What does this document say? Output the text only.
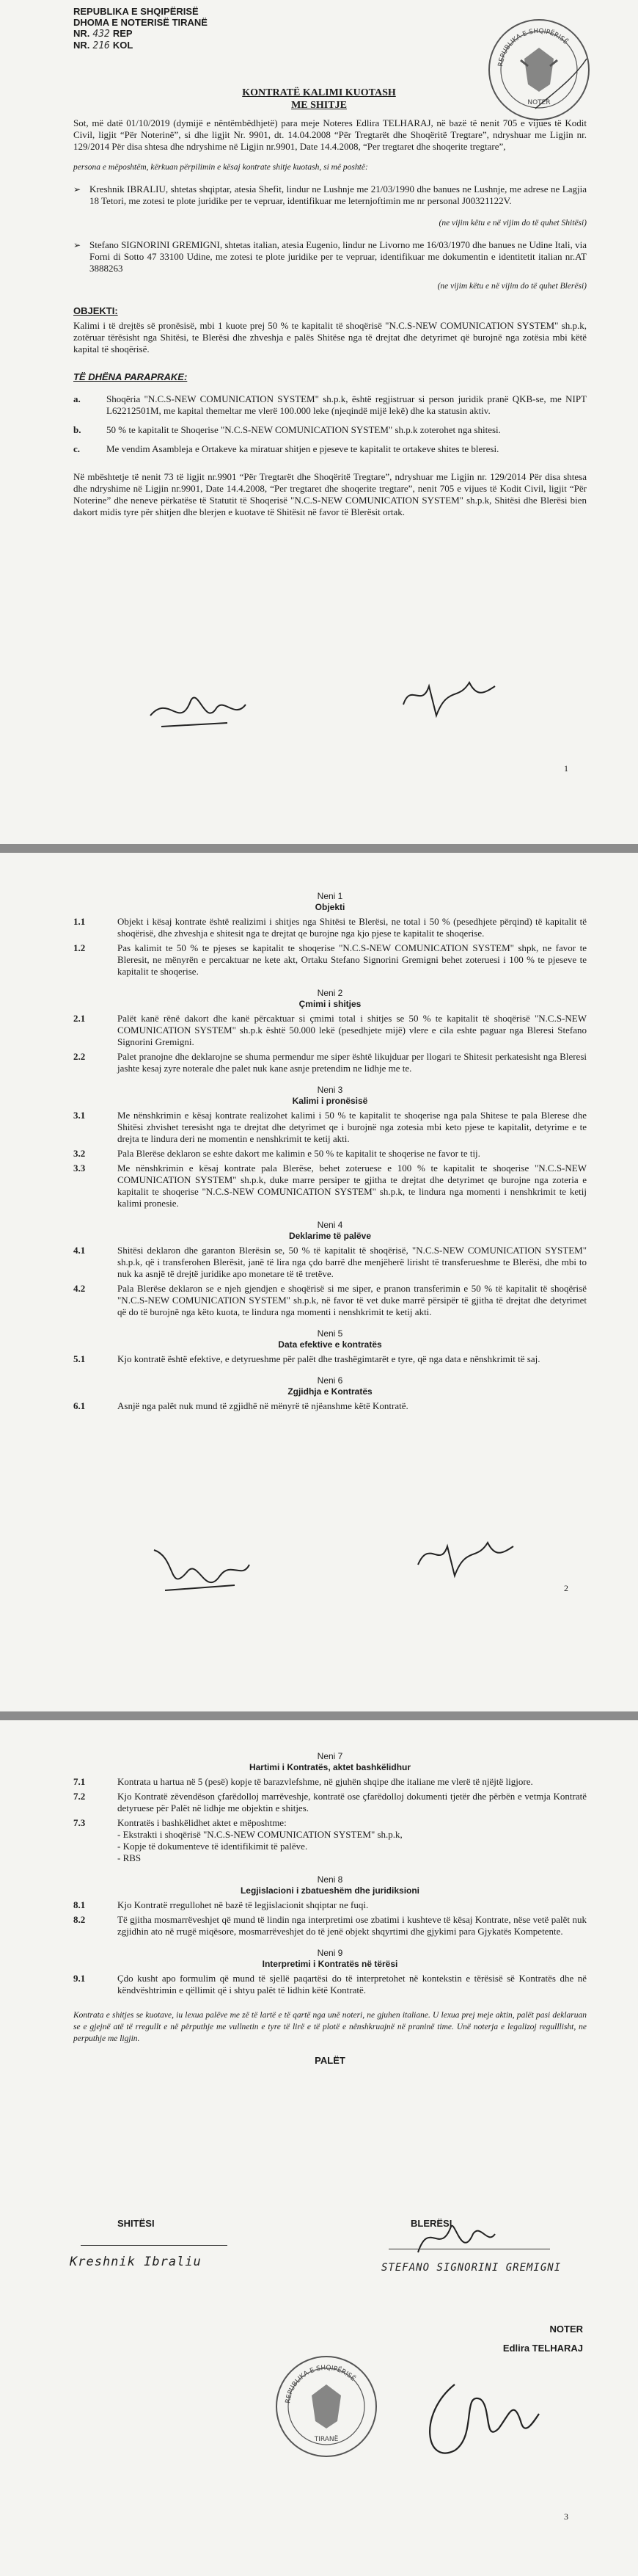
REPUBLIKA E SHQIPËRISË
DHOMA E NOTERISË TIRANË
NR. 432 REP
NR. 216 KOL
REPUBLIKA E SHQIPËRISË
NOTER
KONTRATË KALIMI KUOTASH
ME SHITJE

Sot, më datë 01/10/2019 (dymijë e nëntëmbëdhjetë) para meje Noteres Edlira TELHARAJ, në bazë të nenit 705 e vijues të Kodit Civil, ligjit “Për Noterinë”, si dhe ligjit Nr. 9901, dt. 14.04.2008 “Për Tregtarët dhe Shoqëritë Tregtare”, ndryshuar me Ligjin nr. 129/2014 Për disa shtesa dhe ndryshime në Ligjin nr.9901, Date 14.4.2008, “Per tregtaret dhe shoqerite tregtare”,

persona e mëposhtëm, kërkuan përpilimin e kësaj kontrate shitje kuotash, si më poshtë:

➢ Kreshnik IBRALIU, shtetas shqiptar, atesia Shefit, lindur ne Lushnje me 21/03/1990 dhe banues ne Lushnje, me adrese ne Lagjia 18 Tetori, me zotesi te plote juridike per te vepruar, identifikuar me leternjoftimin me nr personal J00321122V.

(ne vijim këtu e në vijim do të quhet Shitësi)

➢ Stefano SIGNORINI GREMIGNI, shtetas italian, atesia Eugenio, lindur ne Livorno me 16/03/1970 dhe banues ne Udine Itali, via Forni di Sotto 47 33100 Udine, me zotesi te plote juridike per te vepruar, identifikuar me dokumentin e identitetit italian nr.AT 3888263

(ne vijim këtu e në vijim do të quhet Blerësi)

OBJEKTI:

Kalimi i të drejtës së pronësisë, mbi 1 kuote prej 50 % te kapitalit të shoqërisë "N.C.S-NEW COMUNICATION SYSTEM" sh.p.k, zotëruar tërësisht nga Shitësi, te Blerësi dhe zhveshja e palës Shitëse nga të drejtat dhe detyrimet që burojnë nga zotësia mbi këtë kapital të shoqërisë.

TË DHËNA PARAPRAKE:
a.	Shoqëria "N.C.S-NEW COMUNICATION SYSTEM" sh.p.k, është regjistruar si person juridik pranë QKB-se, me NIPT L62212501M, me kapital themeltar me vlerë 100.000 leke (njeqindë mijë lekë) dhe ka statusin aktiv.

b.	50 % te kapitalit te Shoqerise "N.C.S-NEW COMUNICATION SYSTEM" sh.p.k zoterohet nga shitesi.

c.	Me vendim Asambleja e Ortakeve ka miratuar shitjen e pjeseve te kapitalit te ortakeve shites te bleresi.

Në mbështetje të nenit 73 të ligjit nr.9901 “Për Tregtarët dhe Shoqëritë Tregtare”, ndryshuar me Ligjin nr. 129/2014 Për disa shtesa dhe ndryshime në Ligjin nr.9901, Date 14.4.2008, “Per tregtaret dhe shoqerite tregtare”, nenit 705 e vijues të Kodit Civil, ligjit “Për Noterine” dhe neneve përkatëse të Statutit të Shoqerisë "N.C.S-NEW COMUNICATION SYSTEM" sh.p.k, Shitësi dhe Blerësi bien dakort midis tyre për shitjen dhe blerjen e kuotave të Shitësit në favor të Blerësit ortak.

1
Neni 1
Objekti
1.1	Objekt i kësaj kontrate është realizimi i shitjes nga Shitësi te Blerësi, ne total i 50 % (pesedhjete përqind) të kapitalit të shoqërisë, dhe zhveshja e shitesit nga te drejtat qe burojne nga kjo pjese te kapitalit te shoqerise.

1.2	Pas kalimit te 50 % te pjeses se kapitalit te shoqerise "N.C.S-NEW COMUNICATION SYSTEM" shpk, ne favor te Bleresit, ne mënyrën e percaktuar ne kete akt, Ortaku Stefano Signorini Gremigni behet zoteruesi i 100 % te pjeseve te kapitalit te shoqerise.

Neni 2
Çmimi i shitjes
2.1	Palët kanë rënë dakort dhe kanë përcaktuar si çmimi total i shitjes se 50 % te kapitalit të shoqërisë "N.C.S-NEW COMUNICATION SYSTEM" sh.p.k është 50.000 lekë (pesedhjete mijë) vlere e cila eshte paguar nga Bleresi Stefano Signorini Gremigni.

2.2	Palet pranojne dhe deklarojne se shuma permendur me siper është likujduar per llogari te Shitesit perkatesisht nga Bleresi jashte kesaj zyre noterale dhe palet nuk kane asnje pretendim ne lidhje me te.

Neni 3
Kalimi i pronësisë
3.1	Me nënshkrimin e kësaj kontrate realizohet kalimi i 50 % te kapitalit te shoqerise nga pala Shitese te pala Bleresе dhe Shitësi zhvishet teresisht nga te drejtat dhe detyrimet qe i burojnë nga zotesia mbi keto pjese te kapitalit, detyrime e te drejta te lindura deri ne momentin e nenshkrimit te ketij akti.

3.2	Pala Blerëse deklaron se eshte dakort me kalimin e 50 % te kapitalit te shoqerise ne favor te tij.

3.3	Me nënshkrimin e kësaj kontrate pala Blerëse, behet zoteruese e 100 % te kapitalit te shoqerise "N.C.S-NEW COMUNICATION SYSTEM" sh.p.k, duke marre persiper te gjitha te drejtat dhe detyrimet qe burojne nga zoteria e kapitalit te shoqerise "N.C.S-NEW COMUNICATION SYSTEM" sh.p.k, te lindura nga momenti i nenshkrimit te ketij kalimi pronesie.

Neni 4
Deklarime të palëve
4.1	Shitësi deklaron dhe garanton Blerësin se, 50 % të kapitalit të shoqërisë, "N.C.S-NEW COMUNICATION SYSTEM" sh.p.k, që i transferohen Blerësit, janë të lira nga çdo barrë dhe menjëherë lirisht të transferueshme te Blerësi, dhe mbi to nuk ka asnjë të drejtë juridike apo monetare të të tretëve.

4.2	Pala Blerëse deklaron se e njeh gjendjen e shoqërisë si me siper, e pranon transferimin e 50 % të kapitalit të shoqërisë "N.C.S-NEW COMUNICATION SYSTEM" sh.p.k, në favor të vet duke marrë përsipër të gjitha të drejtat dhe detyrimet që do të burojnë nga këto kuota, te lindura nga momenti i nenshkrimit te ketij akti.

Neni 5
Data efektive e kontratës
5.1	Kjo kontratë është efektive, e detyrueshme për palët dhe trashëgimtarët e tyre, që nga data e nënshkrimit të saj.

Neni 6
Zgjidhja e Kontratës
6.1	Asnjë nga palët nuk mund të zgjidhë në mënyrë të njëanshme këtë Kontratë.

2
Neni 7
Hartimi i Kontratës, aktet bashkëlidhur
7.1	Kontrata u hartua në 5 (pesë) kopje të barazvlefshme, në gjuhën shqipe dhe italiane me vlerë të njëjtë ligjore.

7.2	Kjo Kontratë zëvendëson çfarëdolloj marrëveshje, kontratë ose çfarëdolloj dokumenti tjetër dhe përbën e vetmja Kontratë detyruese për Palët në lidhje me objektin e shitjes.

7.3	Kontratës i bashkëlidhet aktet e mëposhtme:

- Ekstrakti i shoqërisë "N.C.S-NEW COMUNICATION SYSTEM" sh.p.k,
- Kopje të dokumenteve të identifikimit të palëve.
- RBS
Neni 8
Legjislacioni i zbatueshëm dhe juridiksioni
8.1	Kjo Kontratë rregullohet në bazë të legjislacionit shqiptar ne fuqi.

8.2	Të gjitha mosmarrëveshjet që mund të lindin nga interpretimi ose zbatimi i kushteve të kësaj Kontrate, nëse vetë palët nuk zgjidhin ato në rrugë miqësore, mosmarrëveshjet do të jenë objekt shqyrtimi dhe gjykimi para Gjykatës Kompetente.

Neni 9
Interpretimi i Kontratës në tërësi
9.1	Çdo kusht apo formulim që mund të sjellë paqartësi do të interpretohet në kontekstin e tërësisë së Kontratës dhe në këndvështrimin e qëllimit që i shtyu palët të lidhin këtë Kontratë.

Kontrata e shitjes se kuotave, iu lexua palëve me zë të lartë e të qartë nga unë noteri, ne gjuhen italiane. U lexua prej meje aktin, palët pasi deklaruan se e gjejnë atë të rregullt e në përputhje me vullnetin e tyre të lirë e të plotë e nënshkruajnë në praninë time. Unë noterja e legalizoj regulllisht, ne perputhje me ligjin.

PALËT
SHITËSI	BLERËSI
Kreshnik Ibraliu	STEFANO SIGNORINI GREMIGNI
NOTER
Edlira TELHARAJ
REPUBLIKA E SHQIPËRISË
TIRANË
3
